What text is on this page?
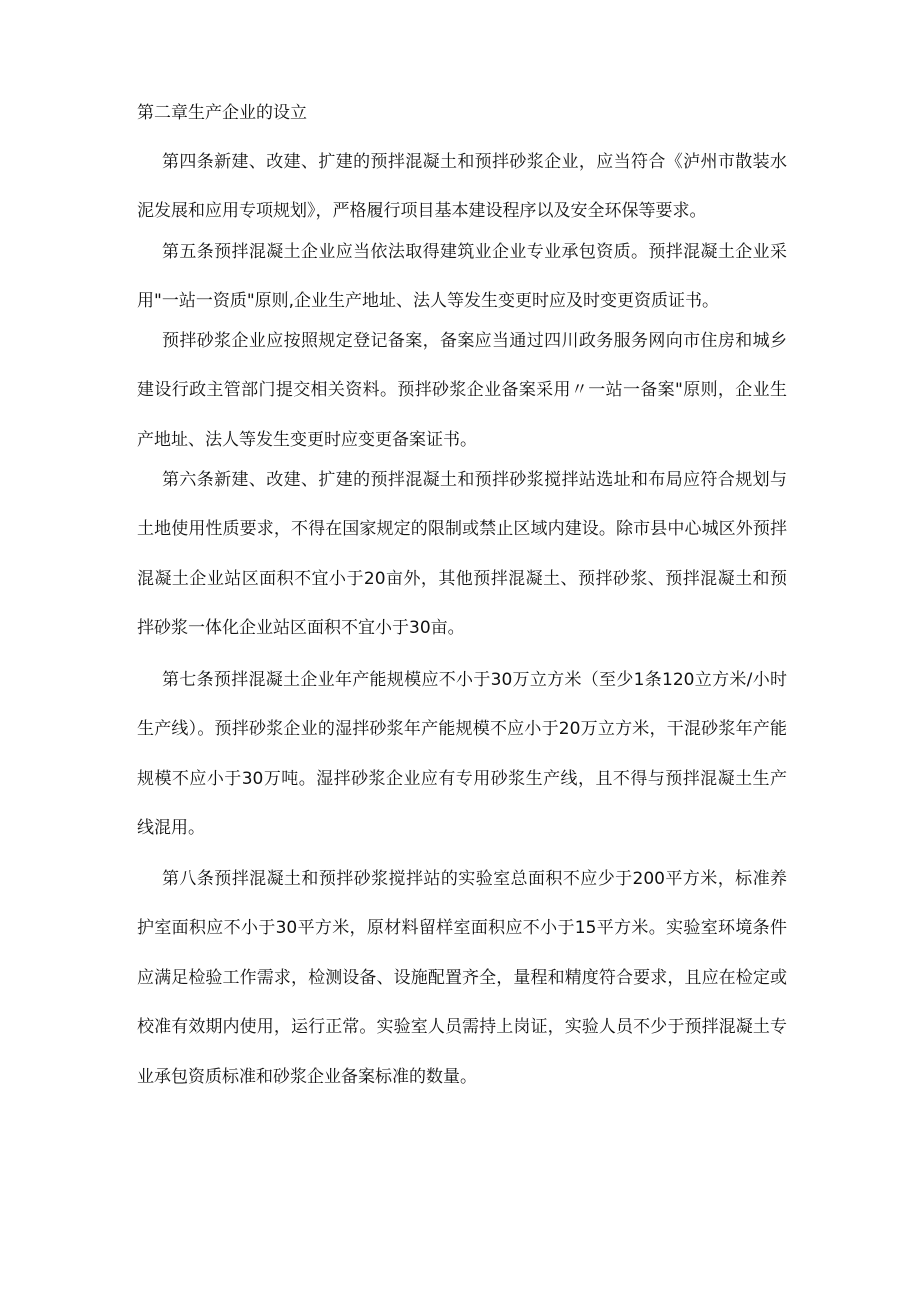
第二章生产企业的设立

第四条新建、改建、扩建的预拌混凝土和预拌砂浆企业，应当符合《泸州市散装水泥发展和应用专项规划》，严格履行项目基本建设程序以及安全环保等要求。

第五条预拌混凝土企业应当依法取得建筑业企业专业承包资质。预拌混凝土企业采用"一站一资质"原则,企业生产地址、法人等发生变更时应及时变更资质证书。

预拌砂浆企业应按照规定登记备案，备案应当通过四川政务服务网向市住房和城乡建设行政主管部门提交相关资料。预拌砂浆企业备案采用〃一站一备案"原则，企业生产地址、法人等发生变更时应变更备案证书。

第六条新建、改建、扩建的预拌混凝土和预拌砂浆搅拌站选址和布局应符合规划与土地使用性质要求，不得在国家规定的限制或禁止区域内建设。除市县中心城区外预拌混凝土企业站区面积不宜小于20亩外，其他预拌混凝土、预拌砂浆、预拌混凝土和预拌砂浆一体化企业站区面积不宜小于30亩。

第七条预拌混凝土企业年产能规模应不小于30万立方米（至少1条120立方米/小时生产线）。预拌砂浆企业的湿拌砂浆年产能规模不应小于20万立方米，干混砂浆年产能规模不应小于30万吨。湿拌砂浆企业应有专用砂浆生产线，且不得与预拌混凝土生产线混用。

第八条预拌混凝土和预拌砂浆搅拌站的实验室总面积不应少于200平方米，标准养护室面积应不小于30平方米，原材料留样室面积应不小于15平方米。实验室环境条件应满足检验工作需求，检测设备、设施配置齐全，量程和精度符合要求，且应在检定或校准有效期内使用，运行正常。实验室人员需持上岗证，实验人员不少于预拌混凝土专业承包资质标准和砂浆企业备案标准的数量。
